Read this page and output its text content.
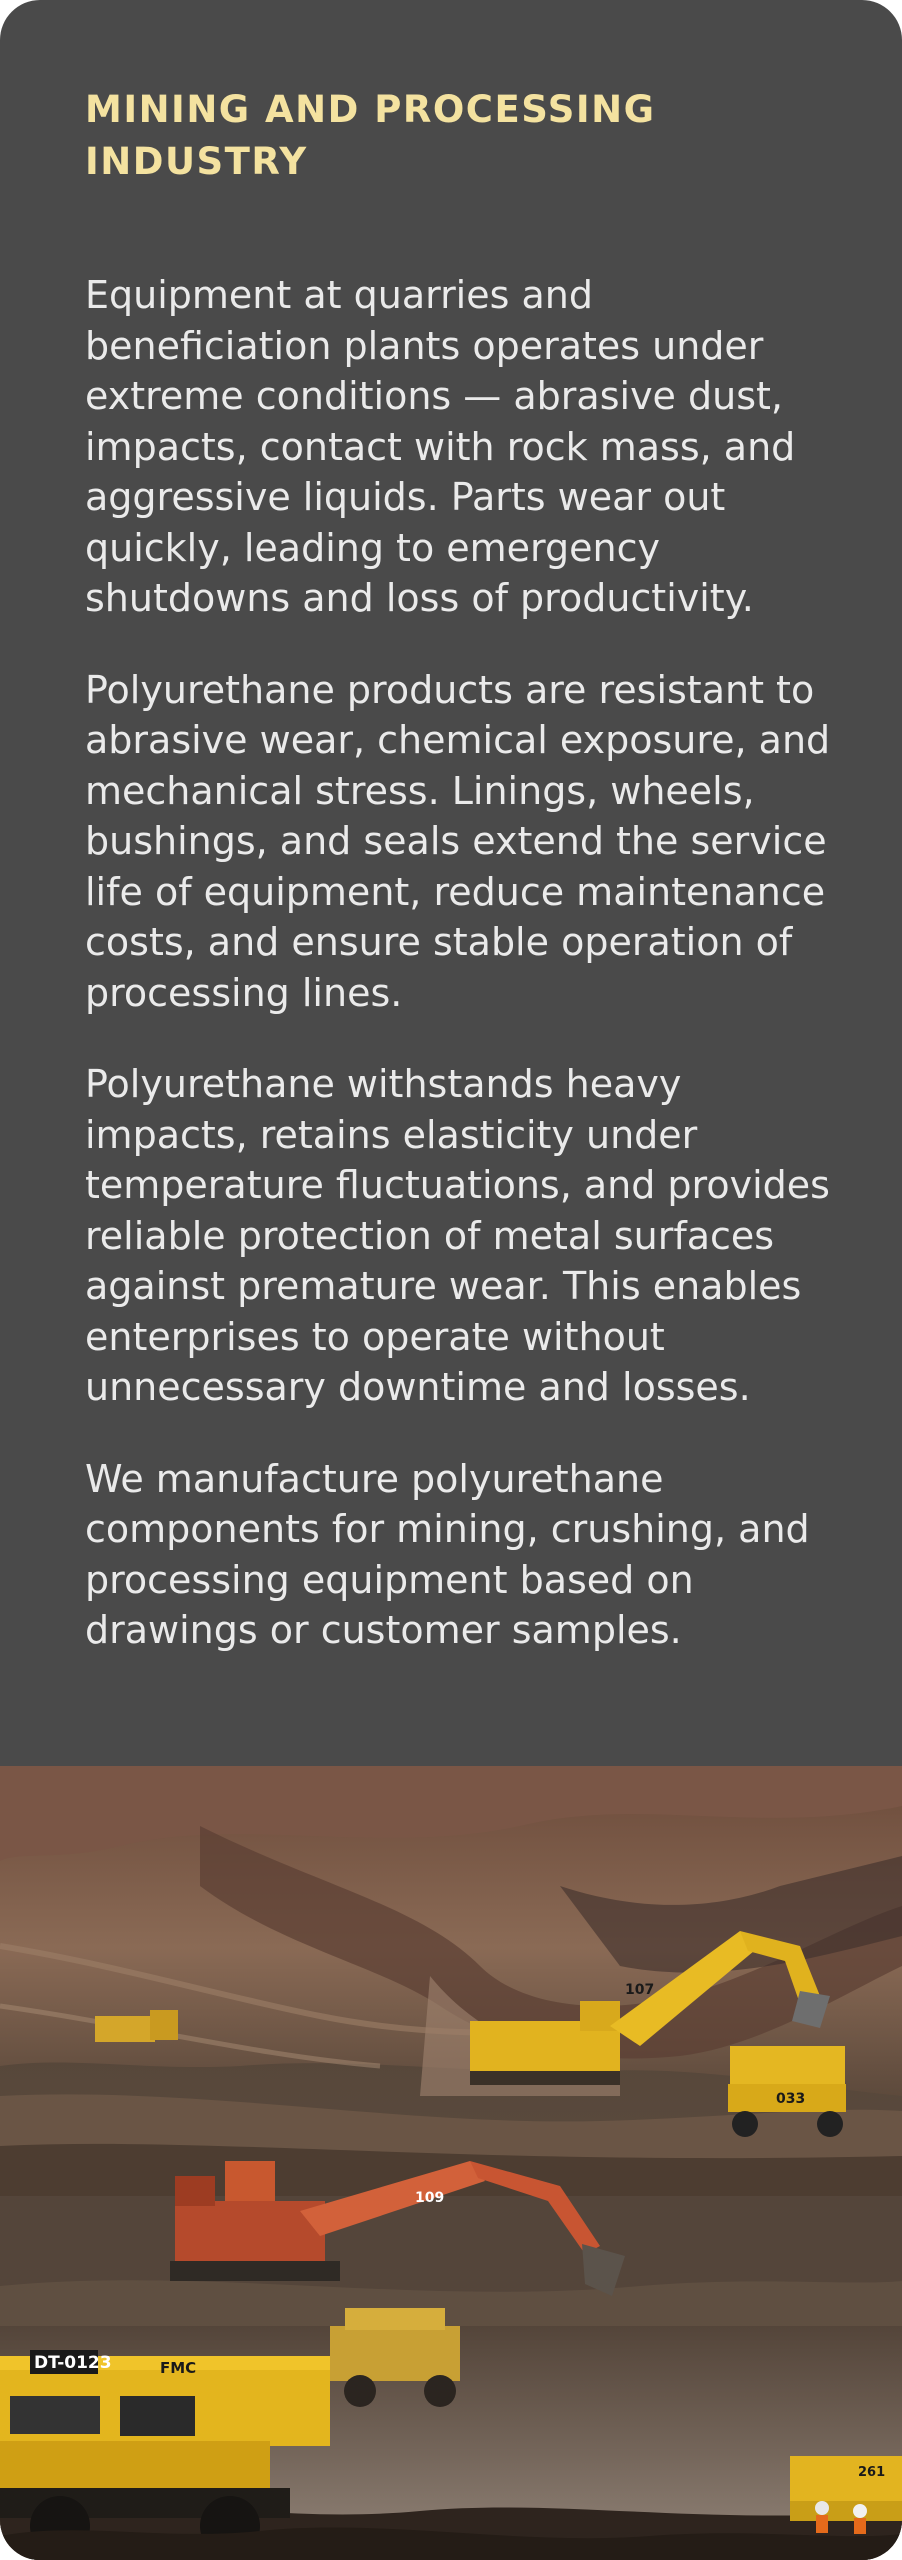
MINING AND PROCESSING INDUSTRY

Equipment at quarries and beneficiation plants operates under extreme conditions — abrasive dust, impacts, contact with rock mass, and aggressive liquids. Parts wear out quickly, leading to emergency shutdowns and loss of productivity.

Polyurethane products are resistant to abrasive wear, chemical exposure, and mechanical stress. Linings, wheels, bushings, and seals extend the service life of equipment, reduce maintenance costs, and ensure stable operation of processing lines.

Polyurethane withstands heavy impacts, retains elasticity under temperature fluctuations, and provides reliable protection of metal surfaces against premature wear. This enables enterprises to operate without unnecessary downtime and losses.

We manufacture polyurethane components for mining, crushing, and processing equipment based on drawings or customer samples.

107
033
109
DT-0123	FMC
261
